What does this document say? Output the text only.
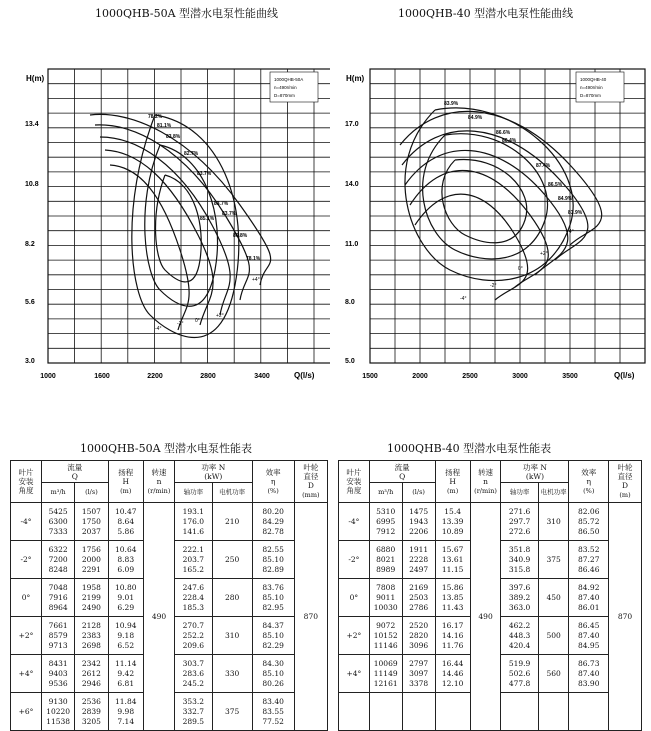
1000QHB-50A 型潜水电泵性能曲线	1000QHB-40 型潜水电泵性能曲线
H(m)
Q(l/s)
13.4
10.8
8.2
5.6
3.0
1000	1600	2200	2800	3400
1000QHB-50A
n=490r/min
D=870mm
78.2%
81.1%
83.8%
82.7%
83.7%
83.7%
85.1%
83.7%
80.8%
78.1%
-4°
-2° 0°
+2°
+4°
H(m)
Q(l/s)
17.0
14.0
11.0
8.0
5.0
1500	2000	2500	3000	3500
1000QHB-40
n=490r/min
D=870mm
83.9%
84.9%
86.6%
86.4%
87.4%
86.5%
84.9%
83.9%
-4°
-2°
0°
+2°
+4°
1000QHB-50A 型潜水电泵性能表	1000QHB-40 型潜水电泵性能表
叶片
安装
角度	流量
Q		扬程
H
(m)	转速
n
(r/min)	功率 N
(kW)		效率
η
(%)	叶轮
直径
D
(mm)
	m³/h	(l/s)			轴功率	电机功率		
-4°	5425
6300
7333	1507
1750
2037	10.47
8.64
5.86	490	193.1
176.0
141.6	210	80.20
84.29
82.78	870
-2°	6322
7200
8248	1756
2000
2291	10.64
8.83
6.09		222.1
203.7
165.2	250	82.55
85.10
82.89	
0°	7048
7916
8964	1958
2199
2490	10.80
9.01
6.29		247.6
228.4
185.3	280	83.76
85.10
82.95	
+2°	7661
8579
9713	2128
2383
2698	10.94
9.18
6.52		270.7
252.2
209.6	310	84.37
85.10
82.29	
+4°	8431
9403
9536	2342
2612
2946	11.14
9.42
6.81		303.7
283.6
245.2	330	84.30
85.10
80.26	
+6°	9130
10220
11538	2536
2839
3205	11.84
9.98
7.14		353.2
332.7
289.5	375	83.40
83.55
77.52	
叶片
安装
角度	流量
Q		扬程
H
(m)	转速
n
(r/min)	功率 N
(kW)		效率
η
(%)	叶轮
直径
D
(m)
	m³/h	(l/s)			轴功率	电机功率		
-4°	5310
6995
7912	1475
1943
2206	15.4
13.39
10.89	490	271.6
297.7
272.6	310	82.06
85.72
86.50	870
-2°	6880
8021
8989	1911
2228
2497	15.67
13.61
11.15		351.8
340.9
315.8	375	83.52
87.27
86.46	
0°	7808
9011
10030	2169
2503
2786	15.86
13.85
11.43		397.6
389.2
363.0	450	84.92
87.40
86.01	
+2°	9072
10152
11146	2520
2820
3096	16.17
14.16
11.76		462.2
448.3
420.4	500	86.45
87.40
84.95	
+4°	10069
11149
12161	2797
3097
3378	16.44
14.46
12.10		519.9
502.6
477.8	560	86.73
87.40
83.90	
